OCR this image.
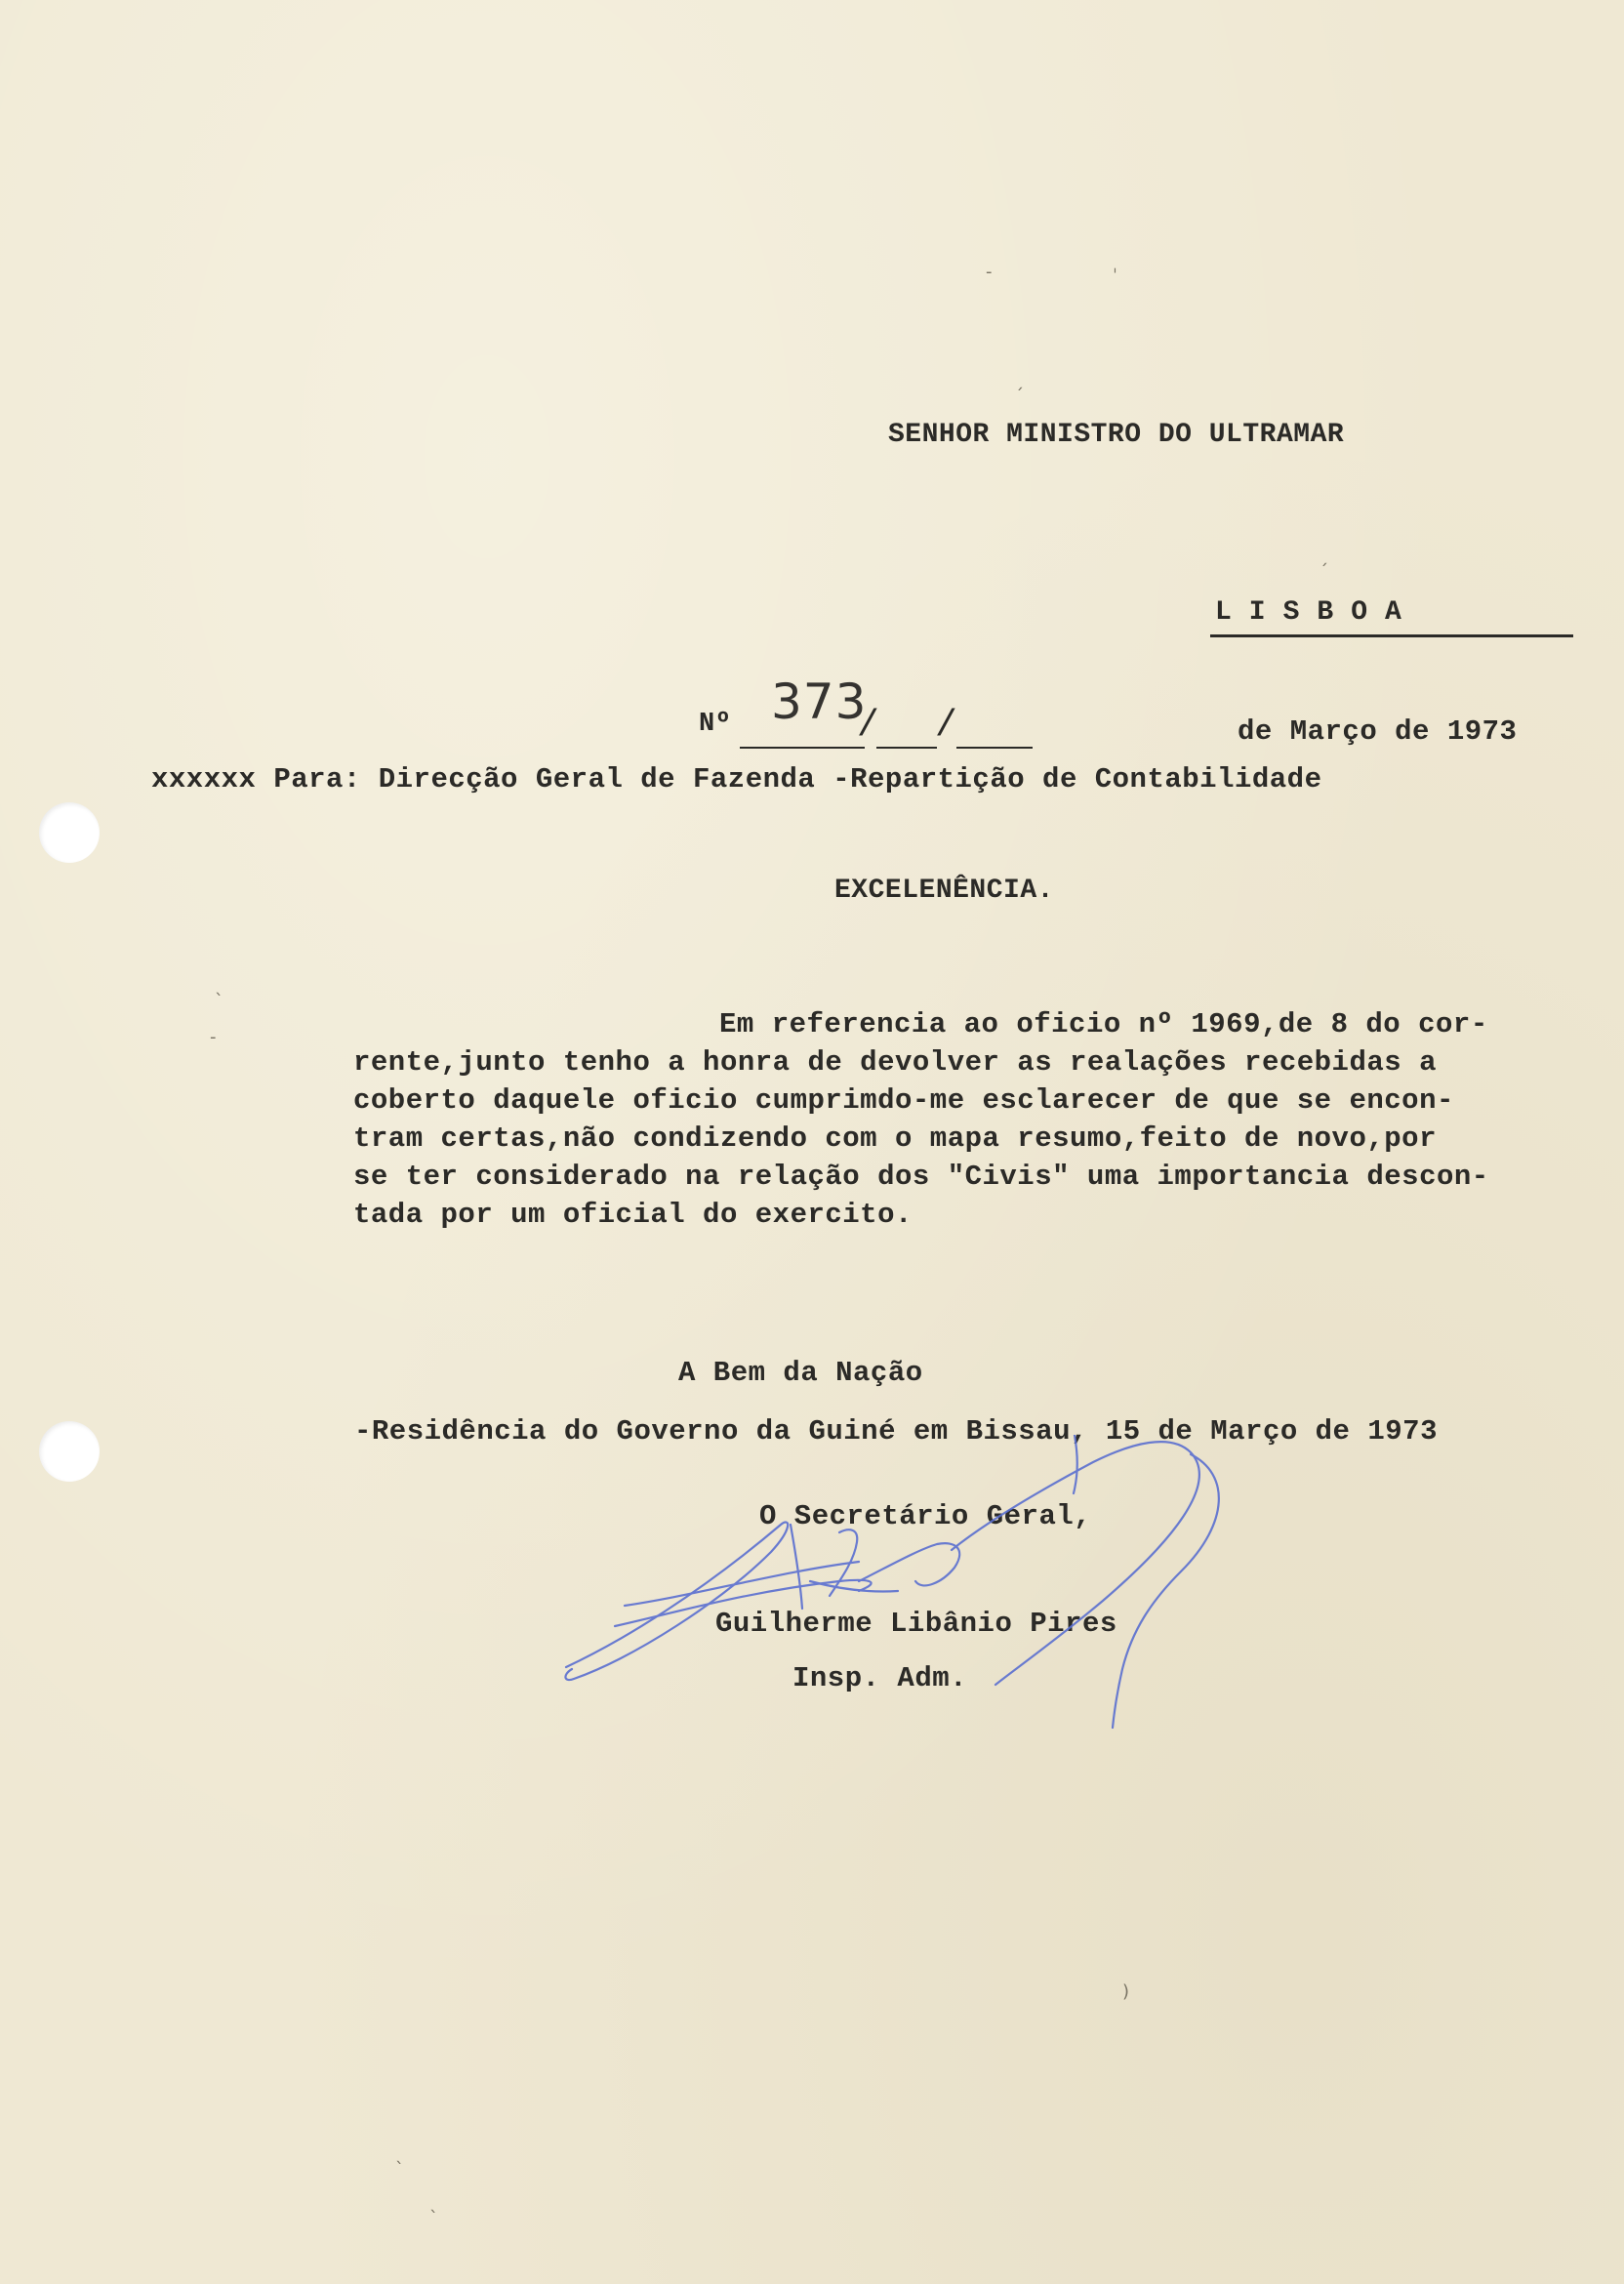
‐	ˈ
ˏ
ˊ
ˎ
-
)
ˋ
ˋ
SENHOR MINISTRO DO ULTRAMAR
LISBOA
Nº 373
/ /	de Março de 1973
xxxxxx Para: Direcção Geral de Fazenda -Repartição de Contabilidade
EXCELENÊNCIA.
Em referencia ao oficio nº 1969,de 8 do cor-
rente,junto tenho a honra de devolver as realações recebidas a
coberto daquele oficio cumprimdo-me esclarecer de que se encon-
tram certas,não condizendo com o mapa resumo,feito de novo,por
se ter considerado na relação dos "Civis" uma importancia descon-
tada por um oficial do exercito.
A Bem da Nação
-Residência do Governo da Guiné em Bissau, 15 de Março de 1973
O Secretário Geral,
Guilherme Libânio Pires
Insp. Adm.
